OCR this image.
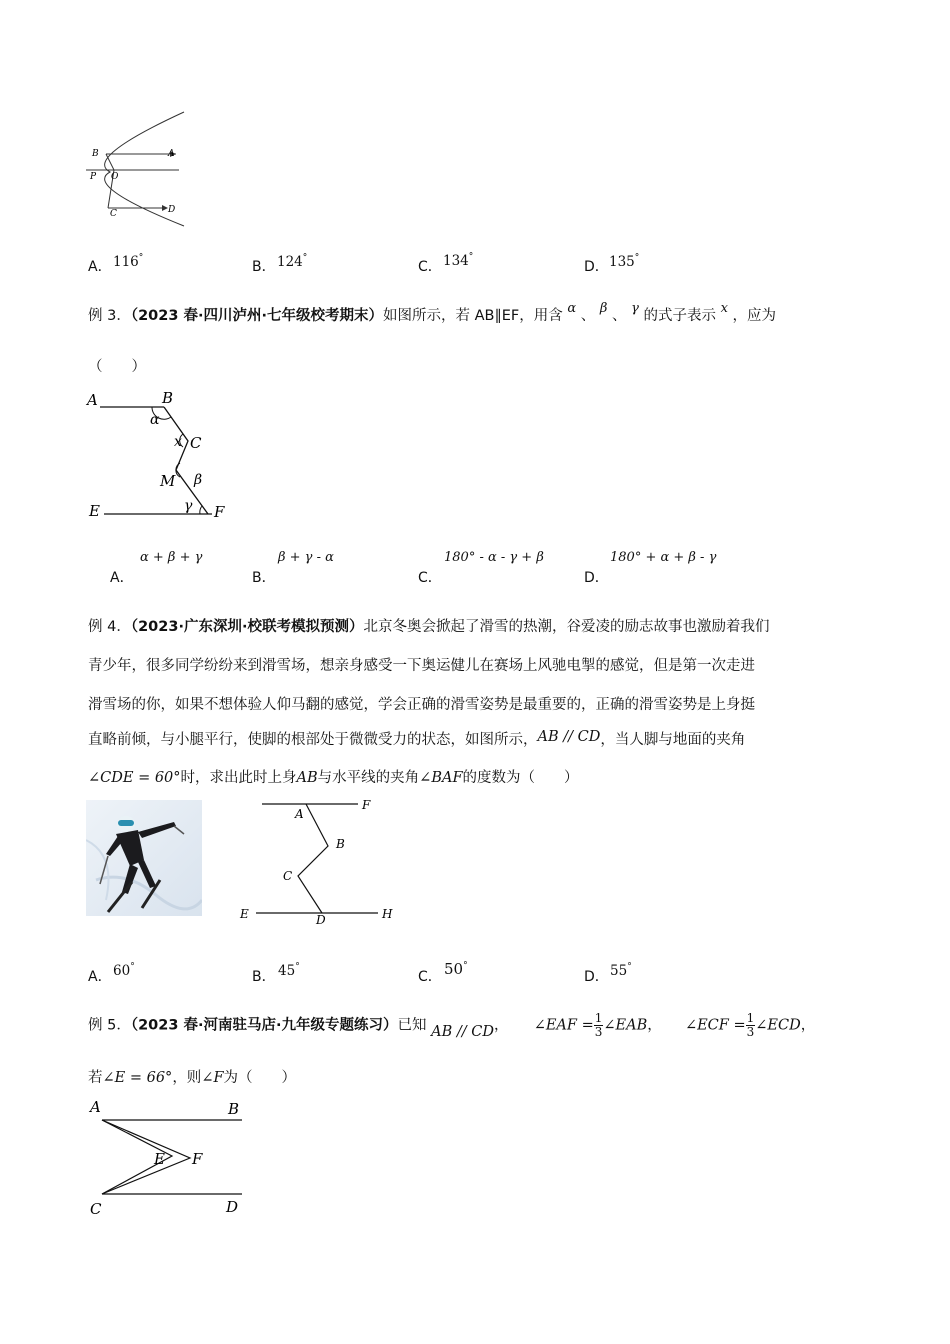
B	A
P O
C	D
A． 116°
B． 124°
C． 134°
D． 135°
例 3．（2023 春·四川泸州·七年级校考期末）如图所示，若 AB∥EF，用含 α 、 β 、 γ 的式子表示 x ，应为
（　　）
A	B
α
x C
M β
E	γ F
A．
α + β + γ
B．
β + γ - α
C．
180° - α - γ + β
D．
180° + α + β - γ
例 4．（2023·广东深圳·校联考模拟预测）北京冬奥会掀起了滑雪的热潮，谷爱凌的励志故事也激励着我们
青少年，很多同学纷纷来到滑雪场，想亲身感受一下奥运健儿在赛场上风驰电掣的感觉，但是第一次走进
滑雪场的你，如果不想体验人仰马翻的感觉，学会正确的滑雪姿势是最重要的，正确的滑雪姿势是上身挺
直略前倾，与小腿平行，使脚的根部处于微微受力的状态，如图所示，AB // CD，当人脚与地面的夹角
∠CDE = 60°时，求出此时上身AB与水平线的夹角∠BAF的度数为（　　）
F
A
B
C
E	D	H
A． 60°
B． 45°
C． 50°
D． 55°
例 5．（2023 春·河南驻马店·九年级专题练习）已知 AB // CD， ∠EAF = $\frac{1}{3}$ ∠EAB， ∠ECF = $\frac{1}{3}$ ∠ECD，
若∠E = 66°，则∠F为（　　）
A	B
E F
C	D
